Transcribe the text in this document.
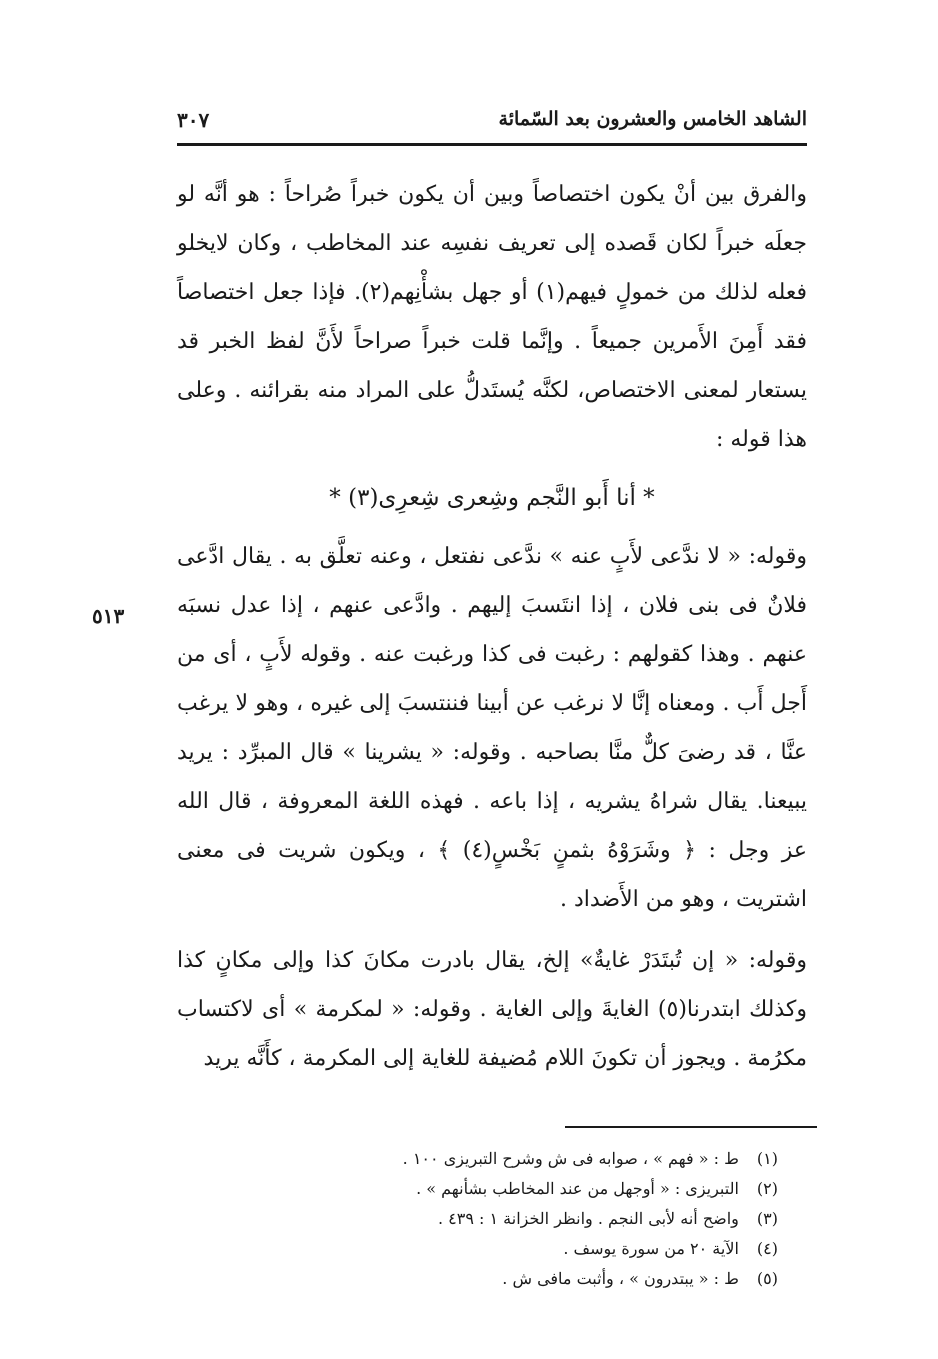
الشاهد الخامس والعشرون بعد السّمائة
٣٠٧
٥١٣

والفرق بين أنْ يكون اختصاصاً وبين أن يكون خبراً صُراحاً : هو أنَّه لو جعلَه خبراً لكان قَصده إلى تعريف نفسِه عند المخاطب ، وكان لايخلو فعله لذلك من خمولٍ فيهم(١) أو جهل بشأْنِهم(٢). فإذا جعل اختصاصاً فقد أَمِنَ الأَمرين جميعاً . وإنَّما قلت خبراً صراحاً لأَنَّ لفظ الخبر قد يستعار لمعنى الاختصاص، لكنَّه يُستَدلُّ على المراد منه بقرائنه . وعلى هذا قوله :

* أنا أَبو النَّجم وشِعرى شِعرِى(٣) *

وقوله: « لا ندَّعى لأَبٍ عنه » ندَّعى نفتعل ، وعنه تعلَّق به . يقال ادَّعى فلانٌ فى بنى فلان ، إذا انتَسبَ إليهم . وادَّعى عنهم ، إذا عدل نسبَه عنهم . وهذا كقولهم : رغبت فى كذا ورغبت عنه . وقوله لأَبٍ ، أى من أَجل أَب . ومعناه إنَّا لا نرغب عن أبينا فننتسبَ إلى غيره ، وهو لا يرغب عنَّا ، قد رضىَ كلٌّ منَّا بصاحبه . وقوله: « يشرينا » قال المبرِّد : يريد يبيعنا. يقال شراهُ يشريه ، إذا باعه . فهذه اللغة المعروفة ، قال الله عز وجل : ﴿ وشَرَوْهُ بثمنٍ بَخْسٍ(٤) ﴾ ، ويكون شريت فى معنى اشتريت ، وهو من الأَضداد .

وقوله: « إن تُبتَدَرْ غايةٌ» إلخ، يقال بادرت مكانَ كذا وإلى مكانٍ كذا وكذلك ابتدرنا(٥) الغايةَ وإلى الغاية . وقوله: « لمكرمة » أى لاكتساب مكرُمة . ويجوز أن تكونَ اللام مُضيفة للغاية إلى المكرمة ، كأَنَّه يريد

(١) ط : « فهم » ، صوابه فى ش وشرح التبريزى ١٠٠ .
(٢) التبريزى : « أوجهل من عند المخاطب بشأنهم » .
(٣) واضح أنه لأبى النجم . وانظر الخزانة ١ : ٤٣٩ .
(٤) الآية ٢٠ من سورة يوسف .
(٥) ط : « يبتدرون » ، وأثبت مافى ش .
